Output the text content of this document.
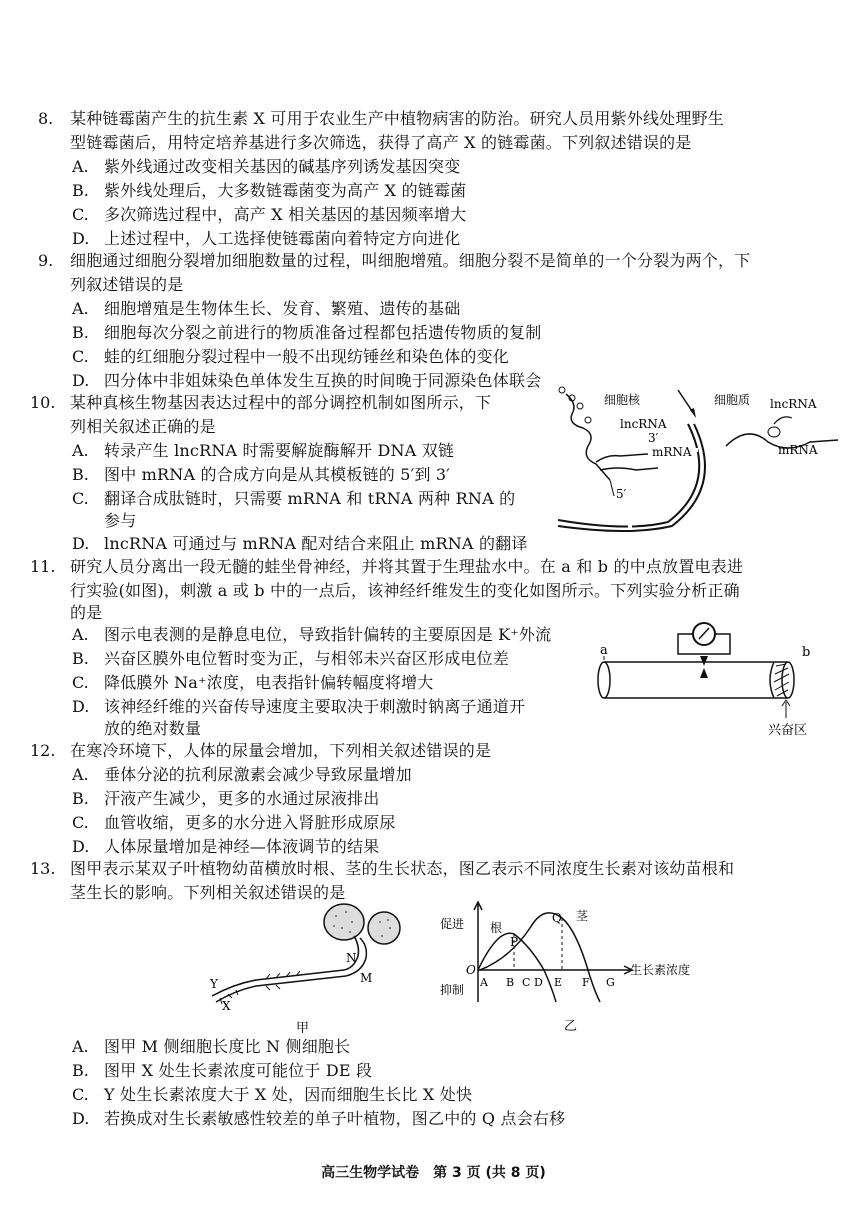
8. 某种链霉菌产生的抗生素 X 可用于农业生产中植物病害的防治。研究人员用紫外线处理野生
型链霉菌后，用特定培养基进行多次筛选，获得了高产 X 的链霉菌。下列叙述错误的是
A. 紫外线通过改变相关基因的碱基序列诱发基因突变
B. 紫外线处理后，大多数链霉菌变为高产 X 的链霉菌
C. 多次筛选过程中，高产 X 相关基因的基因频率增大
D. 上述过程中，人工选择使链霉菌向着特定方向进化
9. 细胞通过细胞分裂增加细胞数量的过程，叫细胞增殖。细胞分裂不是简单的一个分裂为两个，下
列叙述错误的是
A. 细胞增殖是生物体生长、发育、繁殖、遗传的基础
B. 细胞每次分裂之前进行的物质准备过程都包括遗传物质的复制
C. 蛙的红细胞分裂过程中一般不出现纺锤丝和染色体的变化
D. 四分体中非姐妹染色单体发生互换的时间晚于同源染色体联会
10. 某种真核生物基因表达过程中的部分调控机制如图所示，下
列相关叙述正确的是
A. 转录产生 lncRNA 时需要解旋酶解开 DNA 双链
B. 图中 mRNA 的合成方向是从其模板链的 5′到 3′
C. 翻译合成肽链时，只需要 mRNA 和 tRNA 两种 RNA 的
参与
D. lncRNA 可通过与 mRNA 配对结合来阻止 mRNA 的翻译
细胞核	细胞质 lncRNA
lncRNA
3′
mRNA	mRNA
5′
11. 研究人员分离出一段无髓的蛙坐骨神经，并将其置于生理盐水中。在 a 和 b 的中点放置电表进
行实验(如图)，刺激 a 或 b 中的一点后，该神经纤维发生的变化如图所示。下列实验分析正确
的是
A. 图示电表测的是静息电位，导致指针偏转的主要原因是 K⁺外流
B. 兴奋区膜外电位暂时变为正，与相邻未兴奋区形成电位差
C. 降低膜外 Na⁺浓度，电表指针偏转幅度将增大
D. 该神经纤维的兴奋传导速度主要取决于刺激时钠离子通道开
放的绝对数量
a	b
兴奋区
12. 在寒冷环境下，人体的尿量会增加，下列相关叙述错误的是
A. 垂体分泌的抗利尿激素会减少导致尿量增加
B. 汗液产生减少，更多的水通过尿液排出
C. 血管收缩，更多的水分进入肾脏形成原尿
D. 人体尿量增加是神经—体液调节的结果
13. 图甲表示某双子叶植物幼苗横放时根、茎的生长状态，图乙表示不同浓度生长素对该幼苗根和
茎生长的影响。下列相关叙述错误的是
Y
X
N
M
甲
促进
O
抑制
根
茎
P
Q
A B C D E F G
生长素浓度
乙
A. 图甲 M 侧细胞长度比 N 侧细胞长
B. 图甲 X 处生长素浓度可能位于 DE 段
C. Y 处生长素浓度大于 X 处，因而细胞生长比 X 处快
D. 若换成对生长素敏感性较差的单子叶植物，图乙中的 Q 点会右移
高三生物学试卷　第 3 页 (共 8 页)
